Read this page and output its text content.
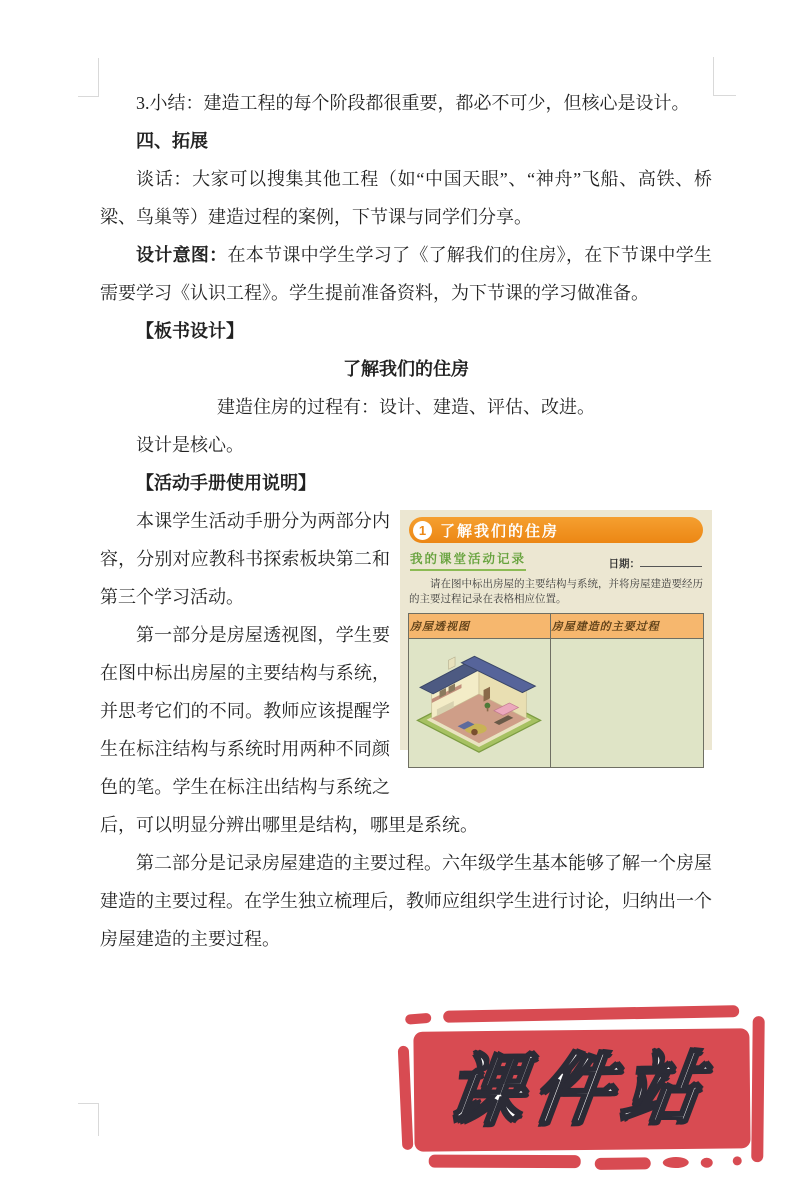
3.小结：建造工程的每个阶段都很重要，都必不可少，但核心是设计。

四、拓展

谈话：大家可以搜集其他工程（如“中国天眼”、“神舟”飞船、高铁、桥梁、鸟巢等）建造过程的案例，下节课与同学们分享。

设计意图：在本节课中学生学习了《了解我们的住房》，在下节课中学生需要学习《认识工程》。学生提前准备资料，为下节课的学习做准备。

【板书设计】

了解我们的住房

建造住房的过程有：设计、建造、评估、改进。

设计是核心。

【活动手册使用说明】

1 了解我们的住房
我的课堂活动记录	日期：
请在图中标出房屋的主要结构与系统，并将房屋建造要经历的主要过程记录在表格相应位置。
房屋透视图	房屋建造的主要过程

本课学生活动手册分为两部分内容，分别对应教科书探索板块第二和第三个学习活动。

第一部分是房屋透视图，学生要在图中标出房屋的主要结构与系统，并思考它们的不同。教师应该提醒学生在标注结构与系统时用两种不同颜色的笔。学生在标注出结构与系统之后，可以明显分辨出哪里是结构，哪里是系统。

第二部分是记录房屋建造的主要过程。六年级学生基本能够了解一个房屋建造的主要过程。在学生独立梳理后，教师应组织学生进行讨论，归纳出一个房屋建造的主要过程。

课件站
